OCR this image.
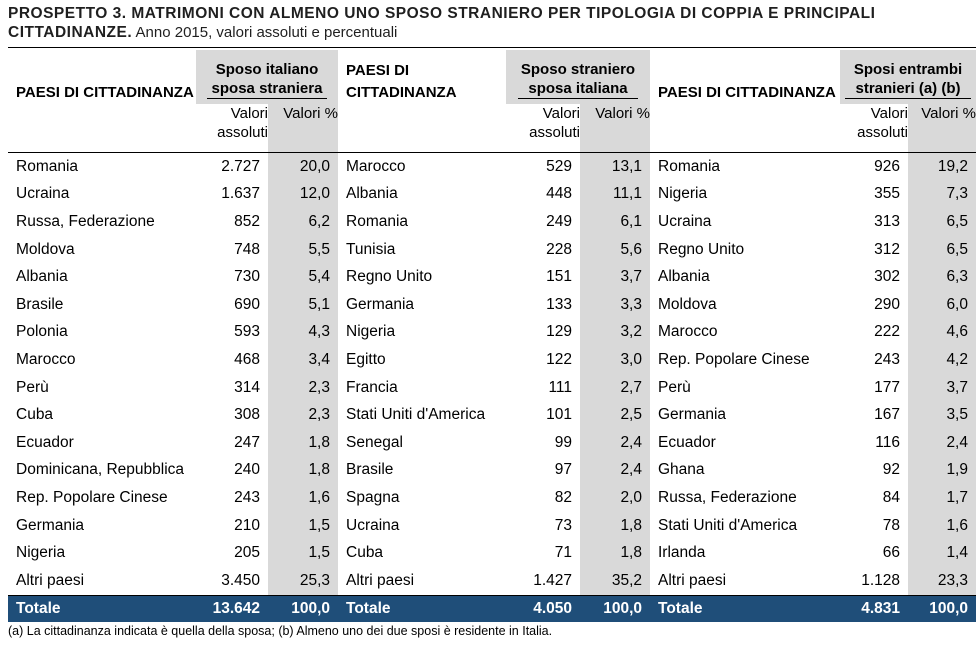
PROSPETTO 3. MATRIMONI CON ALMENO UNO SPOSO STRANIERO PER TIPOLOGIA DI COPPIA E PRINCIPALI CITTADINANZE. Anno 2015, valori assoluti e percentuali
PAESI DI CITTADINANZA	Sposo italiano sposa straniera		PAESI DI CITTADINANZA	Sposo straniero sposa italiana		PAESI DI CITTADINANZA	Sposi entrambi stranieri (a) (b)	
	Valori assoluti	Valori %		Valori assoluti	Valori %		Valori assoluti	Valori %
Romania	2.727	20,0	Marocco	529	13,1	Romania	926	19,2
Ucraina	1.637	12,0	Albania	448	11,1	Nigeria	355	7,3
Russa, Federazione	852	6,2	Romania	249	6,1	Ucraina	313	6,5
Moldova	748	5,5	Tunisia	228	5,6	Regno Unito	312	6,5
Albania	730	5,4	Regno Unito	151	3,7	Albania	302	6,3
Brasile	690	5,1	Germania	133	3,3	Moldova	290	6,0
Polonia	593	4,3	Nigeria	129	3,2	Marocco	222	4,6
Marocco	468	3,4	Egitto	122	3,0	Rep. Popolare Cinese	243	4,2
Perù	314	2,3	Francia	111	2,7	Perù	177	3,7
Cuba	308	2,3	Stati Uniti d'America	101	2,5	Germania	167	3,5
Ecuador	247	1,8	Senegal	99	2,4	Ecuador	116	2,4
Dominicana, Repubblica	240	1,8	Brasile	97	2,4	Ghana	92	1,9
Rep. Popolare Cinese	243	1,6	Spagna	82	2,0	Russa, Federazione	84	1,7
Germania	210	1,5	Ucraina	73	1,8	Stati Uniti d'America	78	1,6
Nigeria	205	1,5	Cuba	71	1,8	Irlanda	66	1,4
Altri paesi	3.450	25,3	Altri paesi	1.427	35,2	Altri paesi	1.128	23,3
Totale	13.642	100,0	Totale	4.050	100,0	Totale	4.831	100,0
(a) La cittadinanza indicata è quella della sposa; (b) Almeno uno dei due sposi è residente in Italia.
